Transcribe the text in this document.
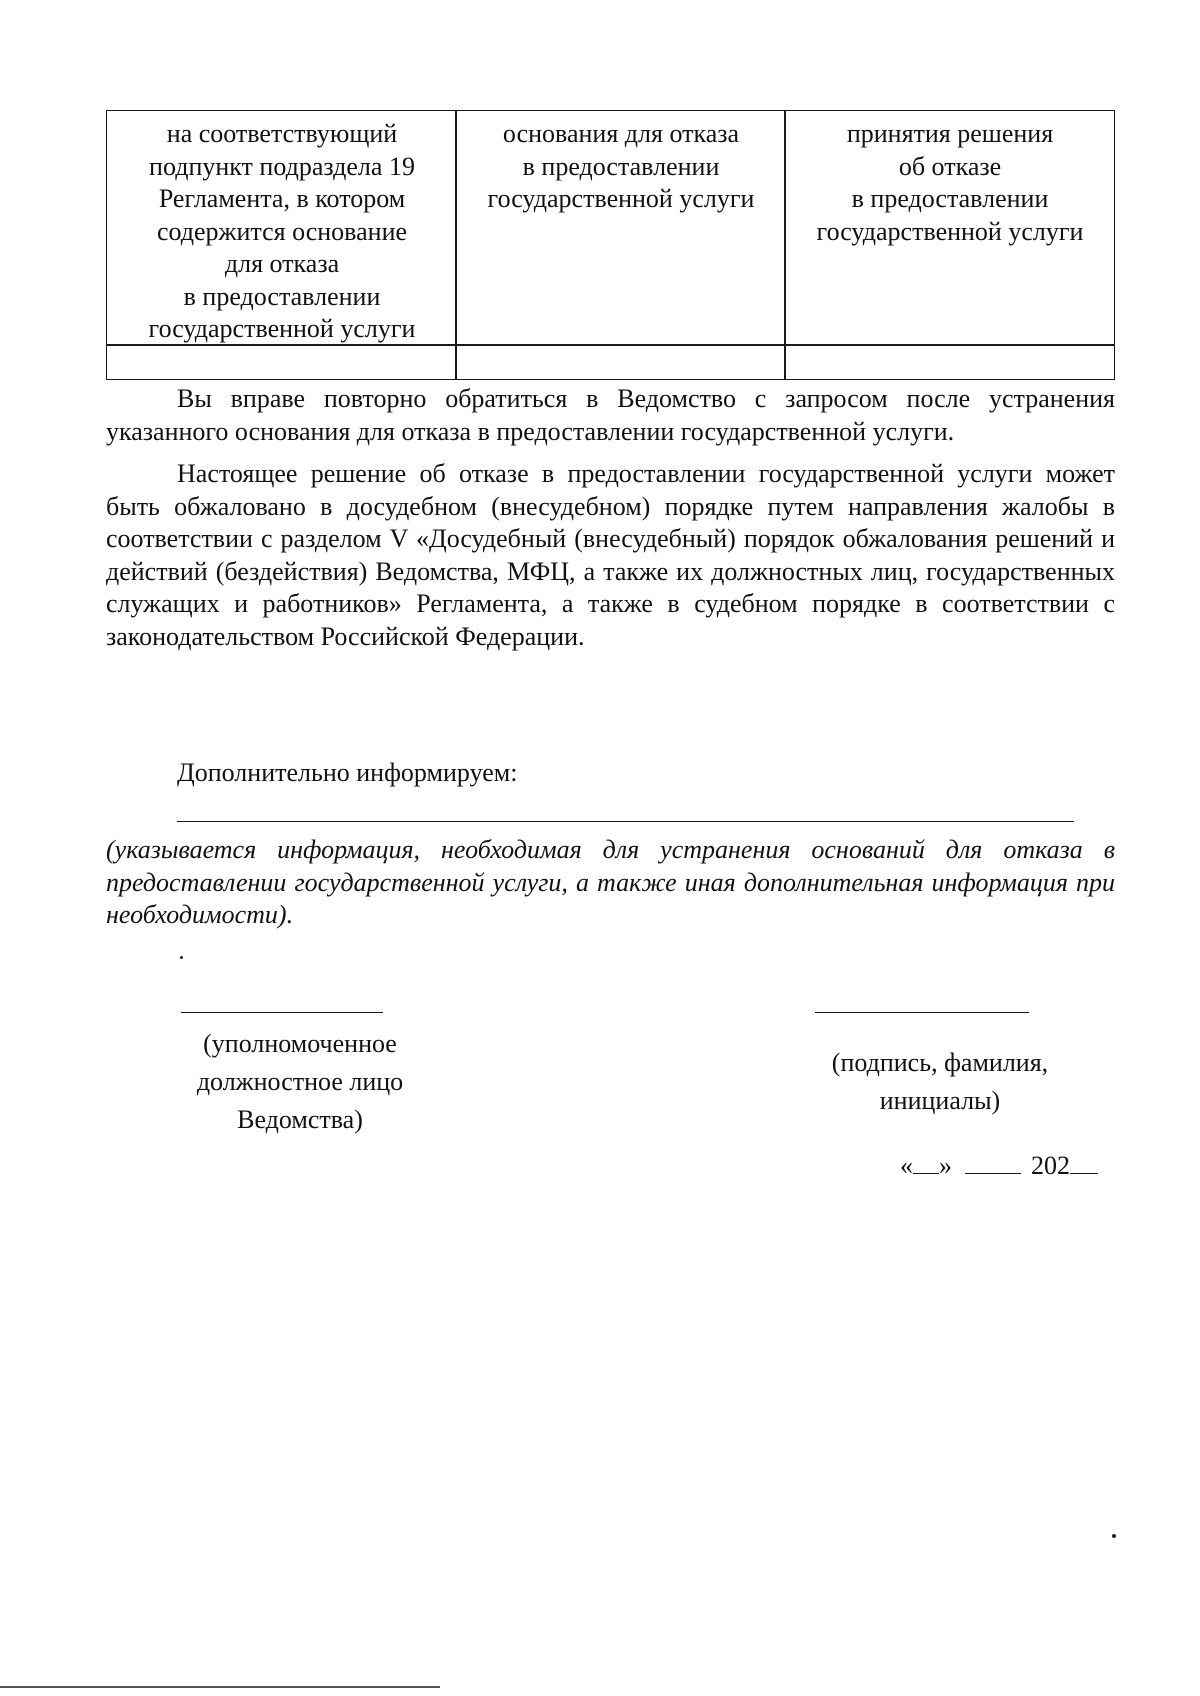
на соответствующий
подпункт подраздела 19
Регламента, в котором
содержится основание
для отказа
в предоставлении
государственной услуги
основания для отказа
в предоставлении
государственной услуги
принятия решения
об отказе
в предоставлении
государственной услуги

Вы вправе повторно обратиться в Ведомство с запросом после устранения указанного основания для отказа в предоставлении государственной услуги.

Настоящее решение об отказе в предоставлении государственной услуги может быть обжаловано в досудебном (внесудебном) порядке путем направления жалобы в соответствии с разделом V «Досудебный (внесудебный) порядок обжалования решений и действий (бездействия) Ведомства, МФЦ, а также их должностных лиц, государственных служащих и работников» Регламента, а также в судебном порядке в соответствии с законодательством Российской Федерации.

Дополнительно информируем:

(указывается информация, необходимая для устранения оснований для отказа в предоставлении государственной услуги, а также иная дополнительная информация при необходимости).

(уполномоченное
должностное лицо
Ведомства)
(подпись, фамилия,
инициалы)

« »	202
